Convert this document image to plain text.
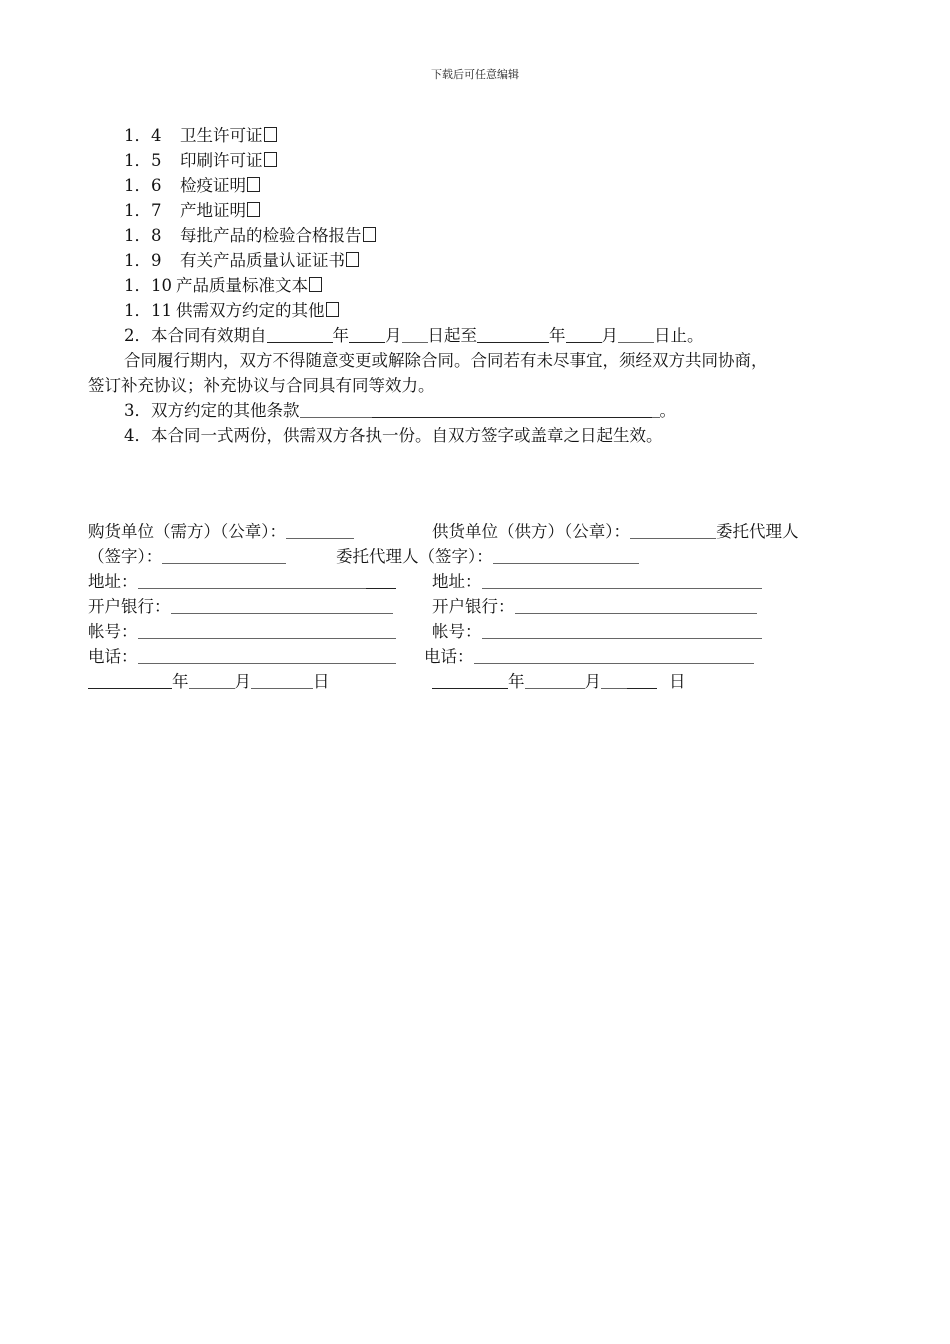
下载后可任意编辑
1．4 卫生许可证
1．5 印刷许可证
1．6 检疫证明
1．7 产地证明
1．8 每批产品的检验合格报告
1．9 有关产品质量认证证书
1．10 产品质量标准文本
1．11 供需双方约定的其他
2．本合同有效期自	年 月 日起至	年 月 日止。
合同履行期内，双方不得随意变更或解除合同。合同若有未尽事宜，须经双方共同协商，
签订补充协议；补充协议与合同具有同等效力。
3．双方约定的其他条款	。
4．本合同一式两份，供需双方各执一份。自双方签字或盖章之日起生效。
购货单位（需方）（公章）：	供货单位（供方）（公章）：	委托代理人
（签字）：	委托代理人（签字）：
地址：	地址：
开户银行：	开户银行：
帐号：	帐号：
电话：	电话：
年	月	日	年	月	日
